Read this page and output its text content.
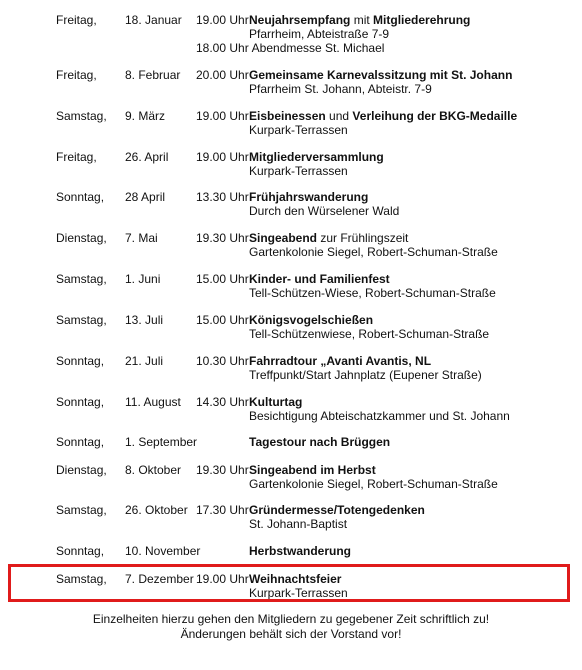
Freitag, 18. Januar 19.00 Uhr Neujahrsempfang mit Mitgliederehrung
Pfarrheim, Abteistraße 7-9
18.00 Uhr Abendmesse St. Michael
Freitag, 8. Februar 20.00 Uhr Gemeinsame Karnevalssitzung mit St. Johann
Pfarrheim St. Johann, Abteistr. 7-9
Samstag, 9. März	19.00 Uhr Eisbeinessen und Verleihung der BKG-Medaille
Kurpark-Terrassen
Freitag, 26. April 19.00 Uhr Mitgliederversammlung
Kurpark-Terrassen
Sonntag, 28 April	13.30 Uhr Frühjahrswanderung
Durch den Würselener Wald
Dienstag, 7. Mai	19.30 Uhr Singeabend zur Frühlingszeit
Gartenkolonie Siegel, Robert-Schuman-Straße
Samstag, 1. Juni	15.00 Uhr Kinder- und Familienfest
Tell-Schützen-Wiese, Robert-Schuman-Straße
Samstag, 13. Juli	15.00 Uhr Königsvogelschießen
Tell-Schützenwiese, Robert-Schuman-Straße
Sonntag, 21. Juli	10.30 Uhr Fahrradtour „Avanti Avantis, NL
Treffpunkt/Start Jahnplatz (Eupener Straße)
Sonntag, 11. August 14.30 Uhr Kulturtag
Besichtigung Abteischatzkammer und St. Johann
Sonntag, 1. September	Tagestour nach Brüggen
Dienstag, 8. Oktober 19.30 Uhr Singeabend im Herbst
Gartenkolonie Siegel, Robert-Schuman-Straße
Samstag, 26. Oktober 17.30 Uhr Gründermesse/Totengedenken
St. Johann-Baptist
Sonntag, 10. November	Herbstwanderung
Samstag, 7. Dezember 19.00 Uhr Weihnachtsfeier
Kurpark-Terrassen
Einzelheiten hierzu gehen den Mitgliedern zu gegebener Zeit schriftlich zu!
Änderungen behält sich der Vorstand vor!
